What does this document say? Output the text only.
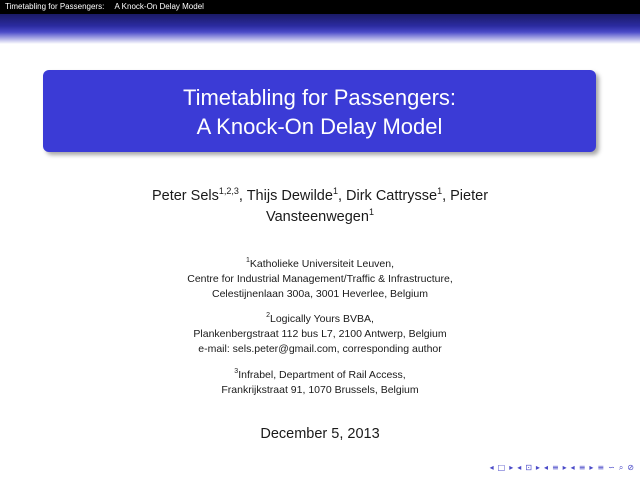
Timetabling for Passengers: A Knock-On Delay Model
Timetabling for Passengers:
A Knock-On Delay Model
Peter Sels$^{1,2,3}$, Thijs Dewilde$^1$, Dirk Cattrysse$^1$, Pieter
Vansteenwegen$^1$
$^1$Katholieke Universiteit Leuven,
Centre for Industrial Management/Traffic & Infrastructure,
Celestijnenlaan 300a, 3001 Heverlee, Belgium
$^2$Logically Yours BVBA,
Plankenbergstraat 112 bus L7, 2100 Antwerp, Belgium
e-mail: sels.peter@gmail.com, corresponding author
$^3$Infrabel, Department of Rail Access,
Frankrijkstraat 91, 1070 Brussels, Belgium
December 5, 2013
◂ □ ▸ ◂ ⊡ ▸ ◂ ≡ ▸ ◂ ≡ ▸ ≡ ∽ ⌕ ⊘
